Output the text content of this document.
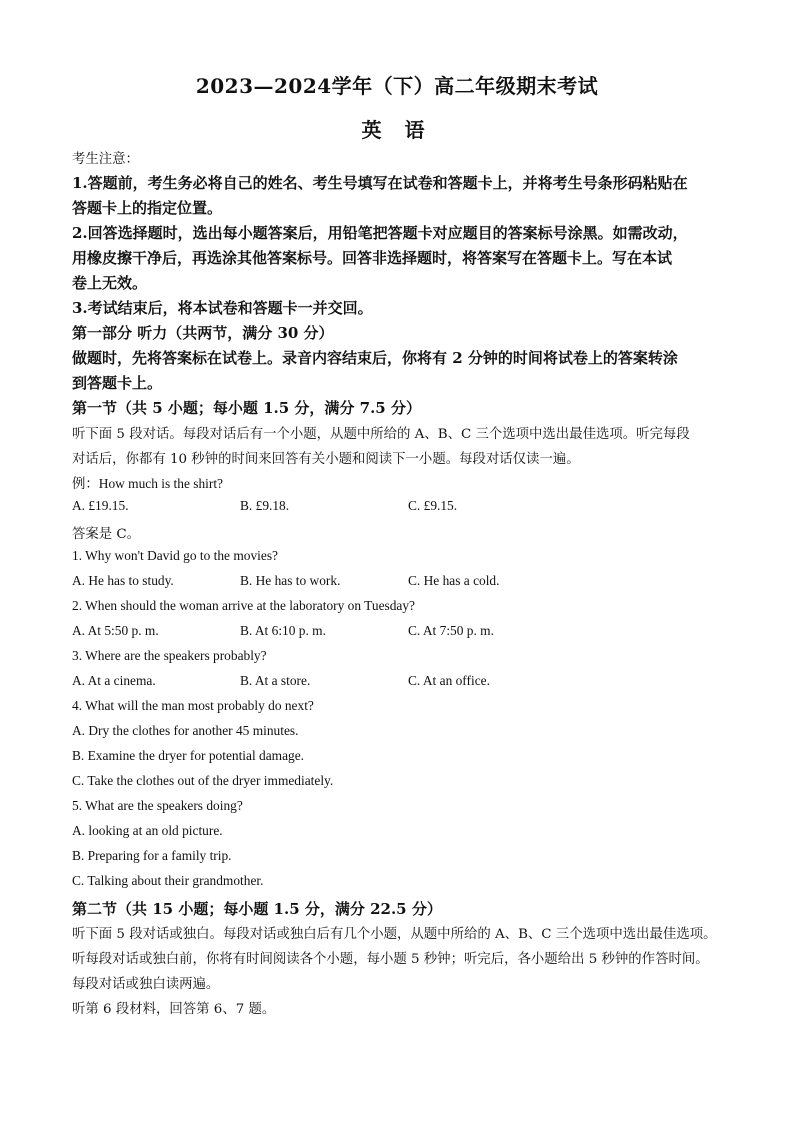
2023—2024学年（下）高二年级期末考试
英 语
考生注意：
1.答题前，考生务必将自己的姓名、考生号填写在试卷和答题卡上，并将考生号条形码粘贴在
答题卡上的指定位置。
2.回答选择题时，选出每小题答案后，用铅笔把答题卡对应题目的答案标号涂黑。如需改动，
用橡皮擦干净后，再选涂其他答案标号。回答非选择题时，将答案写在答题卡上。写在本试
卷上无效。
3.考试结束后，将本试卷和答题卡一并交回。
第一部分 听力（共两节，满分 30 分）
做题时，先将答案标在试卷上。录音内容结束后，你将有 2 分钟的时间将试卷上的答案转涂
到答题卡上。
第一节（共 5 小题；每小题 1.5 分，满分 7.5 分）
听下面 5 段对话。每段对话后有一个小题，从题中所给的 A、B、C 三个选项中选出最佳选项。听完每段
对话后，你都有 10 秒钟的时间来回答有关小题和阅读下一小题。每段对话仅读一遍。
例：How much is the shirt?
A. £19.15.	B. £9.18.	C. £9.15.
答案是 C。
1. Why won't David go to the movies?
A. He has to study.	B. He has to work.	C. He has a cold.
2. When should the woman arrive at the laboratory on Tuesday?
A. At 5:50 p. m.	B. At 6:10 p. m.	C. At 7:50 p. m.
3. Where are the speakers probably?
A. At a cinema.	B. At a store.	C. At an office.
4. What will the man most probably do next?
A. Dry the clothes for another 45 minutes.
B. Examine the dryer for potential damage.
C. Take the clothes out of the dryer immediately.
5. What are the speakers doing?
A. looking at an old picture.
B. Preparing for a family trip.
C. Talking about their grandmother.
第二节（共 15 小题；每小题 1.5 分，满分 22.5 分）
听下面 5 段对话或独白。每段对话或独白后有几个小题，从题中所给的 A、B、C 三个选项中选出最佳选项。
听每段对话或独白前，你将有时间阅读各个小题，每小题 5 秒钟；听完后，各小题给出 5 秒钟的作答时间。
每段对话或独白读两遍。
听第 6 段材料，回答第 6、7 题。
